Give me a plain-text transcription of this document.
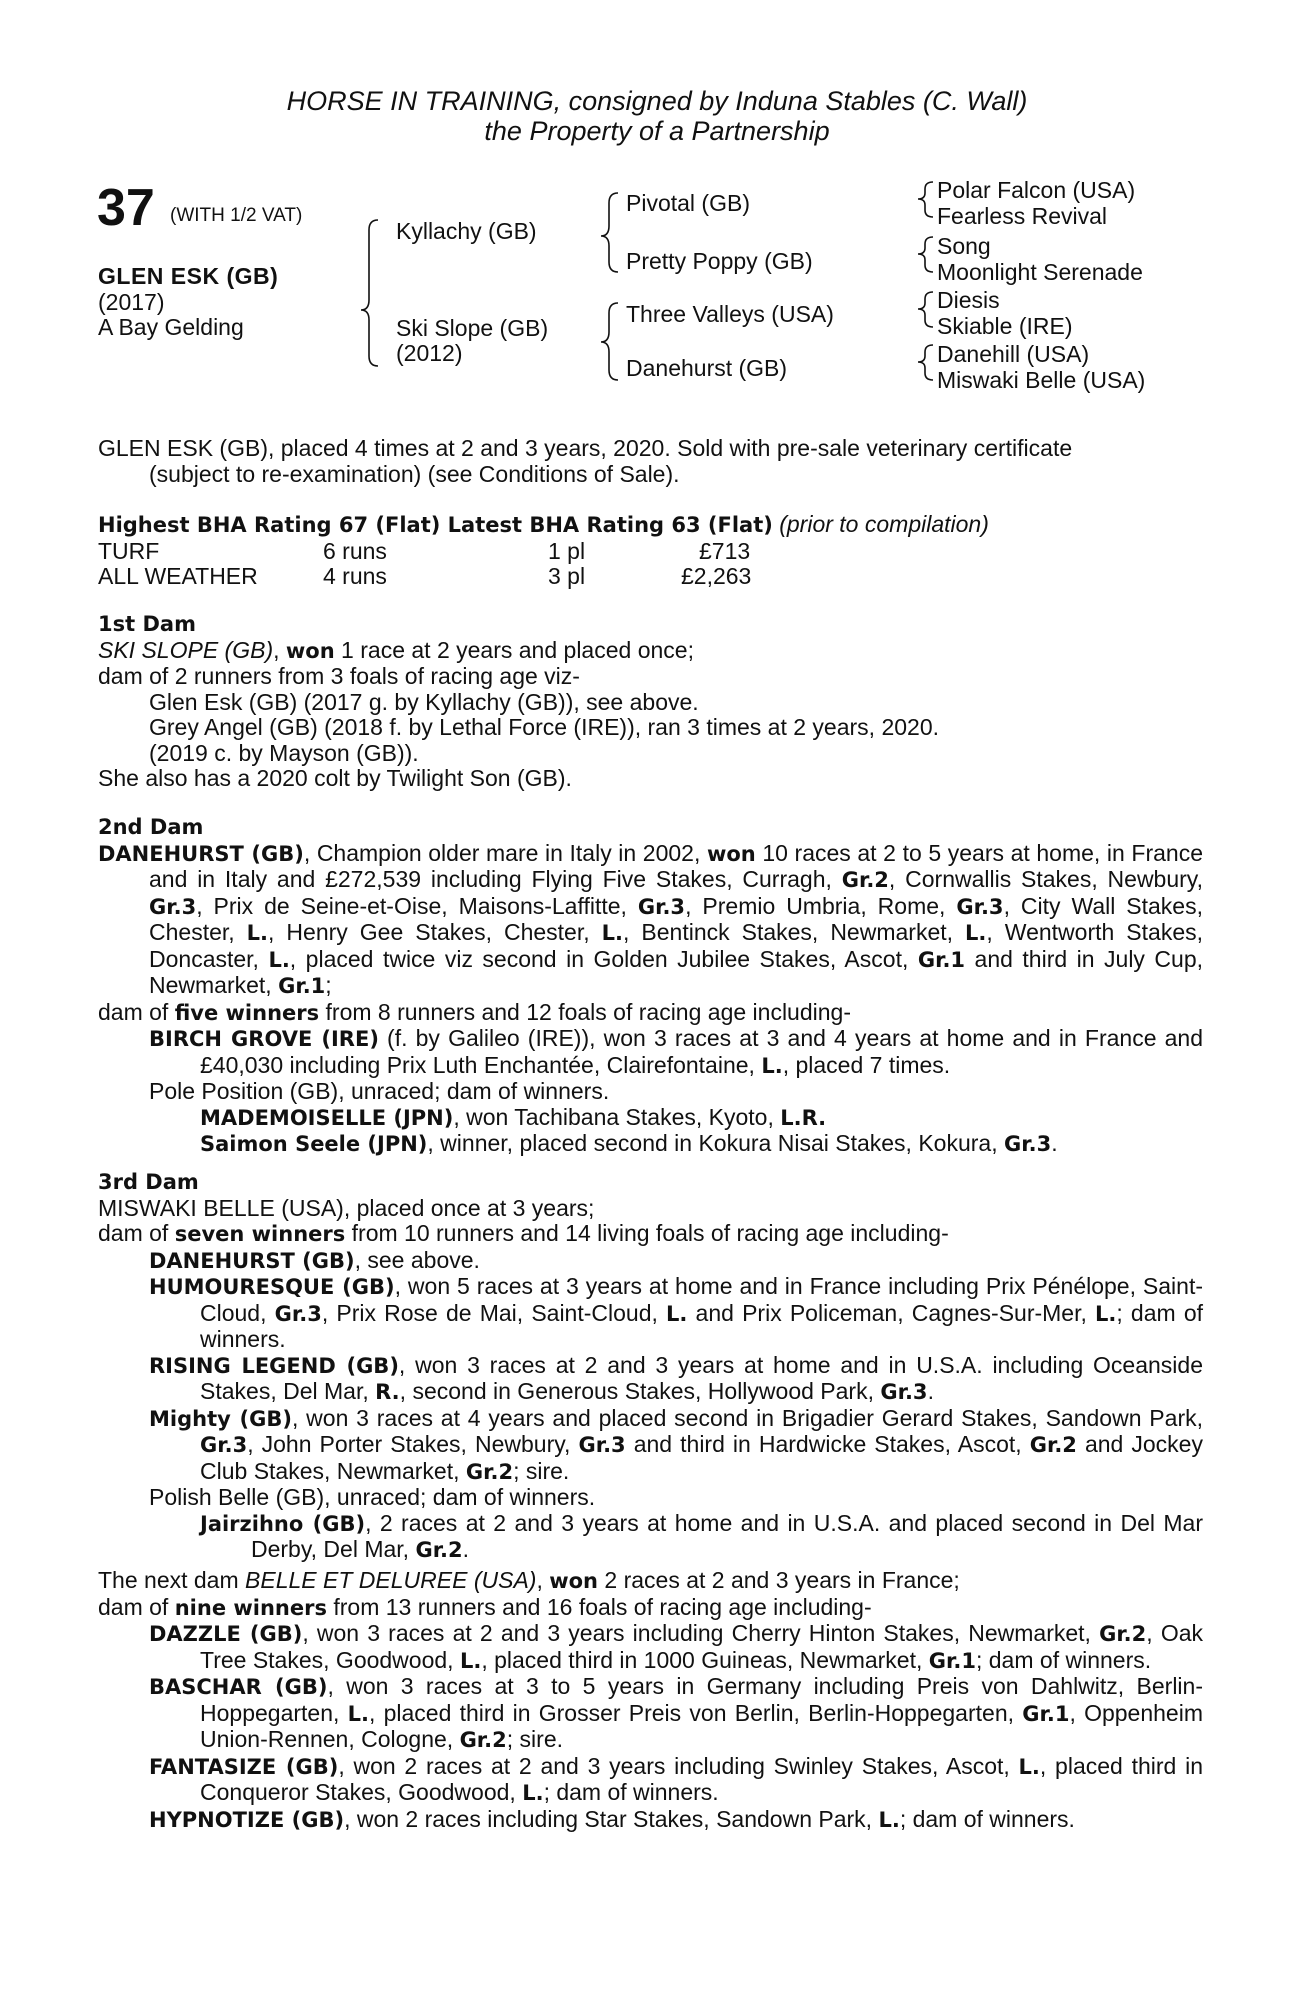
HORSE IN TRAINING, consigned by Induna Stables (C. Wall)
the Property of a Partnership
37 (WITH 1/2 VAT)
GLEN ESK (GB)
(2017)
A Bay Gelding
Kyllachy (GB)
Ski Slope (GB)
(2012)
Pivotal (GB)
Pretty Poppy (GB)
Three Valleys (USA)
Danehurst (GB)
Polar Falcon (USA)
Fearless Revival
Song
Moonlight Serenade
Diesis
Skiable (IRE)
Danehill (USA)
Miswaki Belle (USA)
GLEN ESK (GB), placed 4 times at 2 and 3 years, 2020. Sold with pre-sale veterinary certificate
(subject to re-examination) (see Conditions of Sale).
Highest BHA Rating 67 (Flat) Latest BHA Rating 63 (Flat) (prior to compilation)
TURF	6 runs	1 pl	£713
ALL WEATHER	4 runs	3 pl	£2,263
1st Dam
SKI SLOPE (GB), won 1 race at 2 years and placed once;
dam of 2 runners from 3 foals of racing age viz-
Glen Esk (GB) (2017 g. by Kyllachy (GB)), see above.
Grey Angel (GB) (2018 f. by Lethal Force (IRE)), ran 3 times at 2 years, 2020.
(2019 c. by Mayson (GB)).
She also has a 2020 colt by Twilight Son (GB).
2nd Dam
DANEHURST (GB), Champion older mare in Italy in 2002, won 10 races at 2 to 5 years at home, in France and in Italy and £272,539 including Flying Five Stakes, Curragh, Gr.2, Cornwallis Stakes, Newbury, Gr.3, Prix de Seine-et-Oise, Maisons-Laffitte, Gr.3, Premio Umbria, Rome, Gr.3, City Wall Stakes, Chester, L., Henry Gee Stakes, Chester, L., Bentinck Stakes, Newmarket, L., Wentworth Stakes, Doncaster, L., placed twice viz second in Golden Jubilee Stakes, Ascot, Gr.1 and third in July Cup, Newmarket, Gr.1;
dam of five winners from 8 runners and 12 foals of racing age including-
BIRCH GROVE (IRE) (f. by Galileo (IRE)), won 3 races at 3 and 4 years at home and in France and £40,030 including Prix Luth Enchantée, Clairefontaine, L., placed 7 times.
Pole Position (GB), unraced; dam of winners.
MADEMOISELLE (JPN), won Tachibana Stakes, Kyoto, L.R.
Saimon Seele (JPN), winner, placed second in Kokura Nisai Stakes, Kokura, Gr.3.
3rd Dam
MISWAKI BELLE (USA), placed once at 3 years;
dam of seven winners from 10 runners and 14 living foals of racing age including-
DANEHURST (GB), see above.
HUMOURESQUE (GB), won 5 races at 3 years at home and in France including Prix Pénélope, Saint-Cloud, Gr.3, Prix Rose de Mai, Saint-Cloud, L. and Prix Policeman, Cagnes-Sur-Mer, L.; dam of winners.
RISING LEGEND (GB), won 3 races at 2 and 3 years at home and in U.S.A. including Oceanside Stakes, Del Mar, R., second in Generous Stakes, Hollywood Park, Gr.3.
Mighty (GB), won 3 races at 4 years and placed second in Brigadier Gerard Stakes, Sandown Park, Gr.3, John Porter Stakes, Newbury, Gr.3 and third in Hardwicke Stakes, Ascot, Gr.2 and Jockey Club Stakes, Newmarket, Gr.2; sire.
Polish Belle (GB), unraced; dam of winners.
Jairzihno (GB), 2 races at 2 and 3 years at home and in U.S.A. and placed second in Del Mar Derby, Del Mar, Gr.2.
The next dam BELLE ET DELUREE (USA), won 2 races at 2 and 3 years in France;
dam of nine winners from 13 runners and 16 foals of racing age including-
DAZZLE (GB), won 3 races at 2 and 3 years including Cherry Hinton Stakes, Newmarket, Gr.2, Oak Tree Stakes, Goodwood, L., placed third in 1000 Guineas, Newmarket, Gr.1; dam of winners.
BASCHAR (GB), won 3 races at 3 to 5 years in Germany including Preis von Dahlwitz, Berlin-Hoppegarten, L., placed third in Grosser Preis von Berlin, Berlin-Hoppegarten, Gr.1, Oppenheim Union-Rennen, Cologne, Gr.2; sire.
FANTASIZE (GB), won 2 races at 2 and 3 years including Swinley Stakes, Ascot, L., placed third in Conqueror Stakes, Goodwood, L.; dam of winners.
HYPNOTIZE (GB), won 2 races including Star Stakes, Sandown Park, L.; dam of winners.
